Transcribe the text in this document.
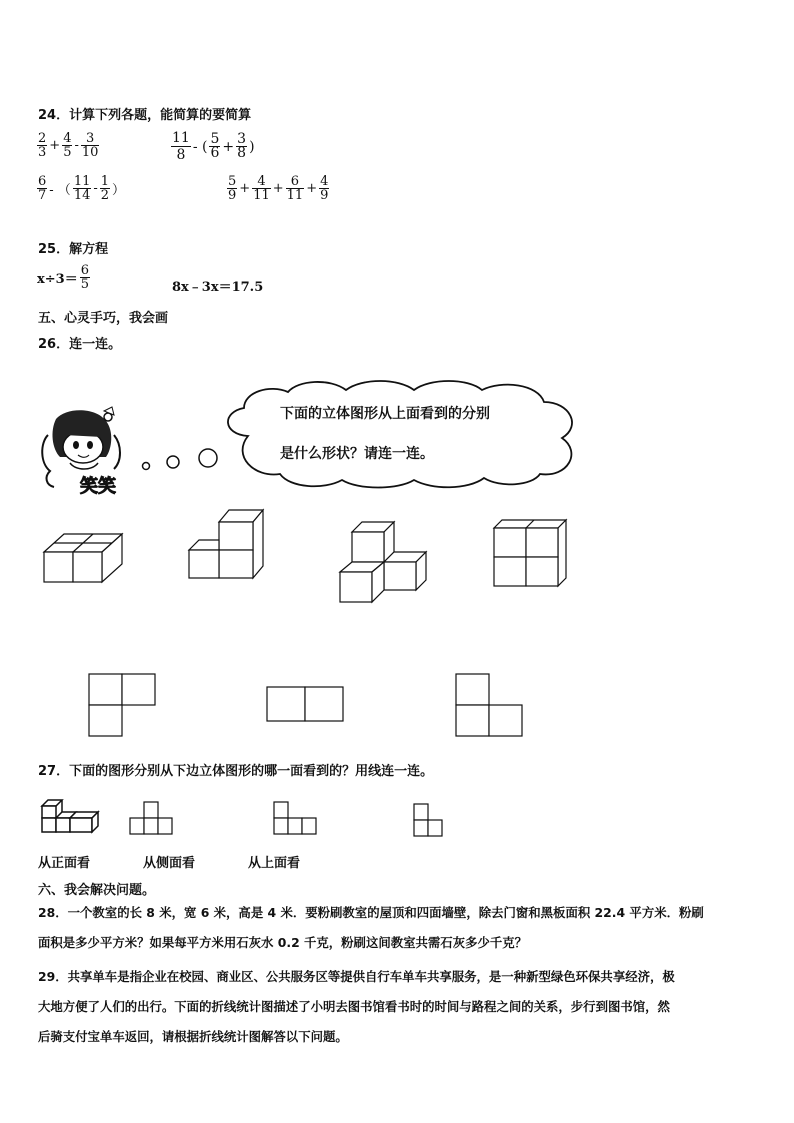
24．计算下列各题，能简算的要简算
$\frac{2}{3} + \frac{4}{5} - \frac{3}{10}$	$\frac{11}{8}$ - ( $\frac{5}{6} + \frac{3}{8}$ )
$\frac{6}{7}$ - （ $\frac{11}{14} - \frac{1}{2}$ ）	$\frac{5}{9} + \frac{4}{11} + \frac{6}{11} + \frac{4}{9}$
25．解方程
$x\div 3= \frac{6}{5}$	8x﹣3x＝17.5
五、心灵手巧，我会画
26．连一连。
笑笑
下面的立体图形从上面看到的分别
是什么形状？请连一连。
27．下面的图形分别从下边立体图形的哪一面看到的？用线连一连。
从正面看	从侧面看	从上面看
六、我会解决问题。
28．一个教室的长 8 米，宽 6 米，高是 4 米．要粉刷教室的屋顶和四面墙壁，除去门窗和黑板面积 22.4 平方米．粉刷
面积是多少平方米？如果每平方米用石灰水 0.2 千克，粉刷这间教室共需石灰多少千克？
29．共享单车是指企业在校园、商业区、公共服务区等提供自行车单车共享服务，是一种新型绿色环保共享经济，极
大地方便了人们的出行。下面的折线统计图描述了小明去图书馆看书时的时间与路程之间的关系，步行到图书馆，然
后骑支付宝单车返回，请根据折线统计图解答以下问题。
